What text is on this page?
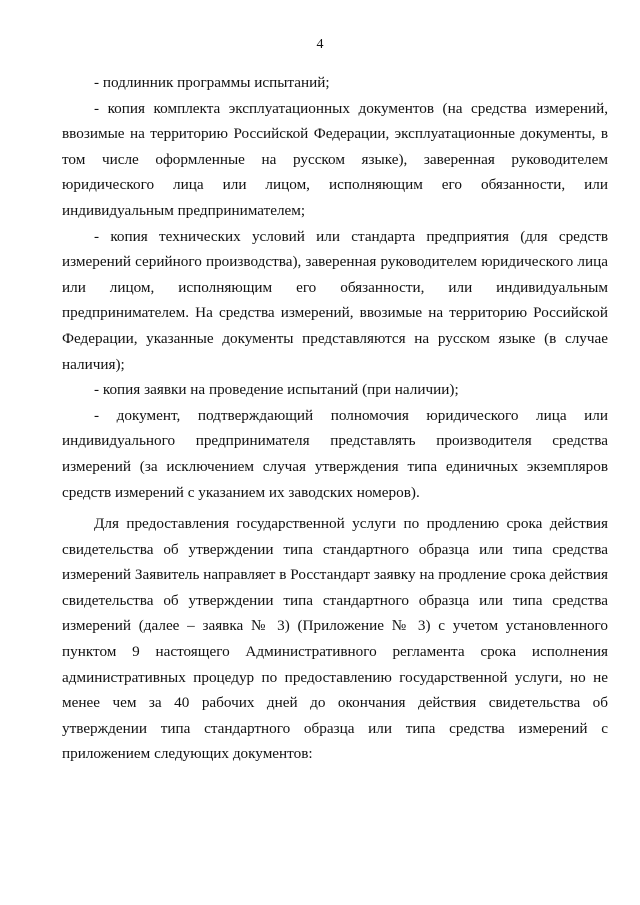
4

- подлинник программы испытаний;

- копия комплекта эксплуатационных документов (на средства измерений, ввозимые на территорию Российской Федерации, эксплуатационные документы, в том числе оформленные на русском языке), заверенная руководителем юридического лица или лицом, исполняющим его обязанности, или индивидуальным предпринимателем;

- копия технических условий или стандарта предприятия (для средств измерений серийного производства), заверенная руководителем юридического лица или лицом, исполняющим его обязанности, или индивидуальным предпринимателем. На средства измерений, ввозимые на территорию Российской Федерации, указанные документы представляются на русском языке (в случае наличия);

- копия заявки на проведение испытаний (при наличии);

- документ, подтверждающий полномочия юридического лица или индивидуального предпринимателя представлять производителя средства измерений (за исключением случая утверждения типа единичных экземпляров средств измерений с указанием их заводских номеров).

Для предоставления государственной услуги по продлению срока действия свидетельства об утверждении типа стандартного образца или типа средства измерений Заявитель направляет в Росстандарт заявку на продление срока действия свидетельства об утверждении типа стандартного образца или типа средства измерений (далее – заявка № 3) (Приложение № 3) с учетом установленного пунктом 9 настоящего Административного регламента срока исполнения административных процедур по предоставлению государственной услуги, но не менее чем за 40 рабочих дней до окончания действия свидетельства об утверждении типа стандартного образца или типа средства измерений с приложением следующих документов:
